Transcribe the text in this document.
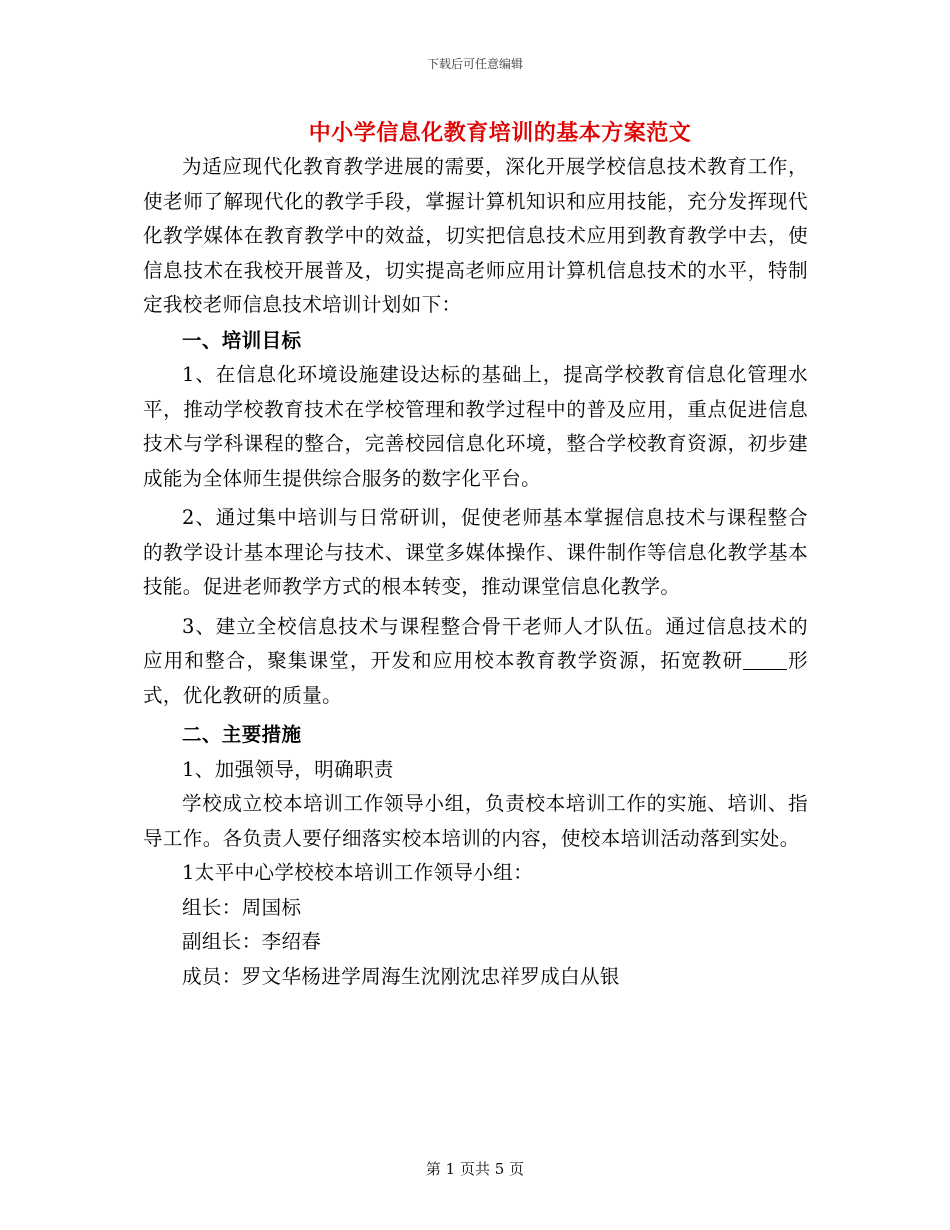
下载后可任意编辑
中小学信息化教育培训的基本方案范文

为适应现代化教育教学进展的需要，深化开展学校信息技术教育工作，使老师了解现代化的教学手段，掌握计算机知识和应用技能，充分发挥现代化教学媒体在教育教学中的效益，切实把信息技术应用到教育教学中去，使信息技术在我校开展普及，切实提高老师应用计算机信息技术的水平，特制定我校老师信息技术培训计划如下：

一、培训目标

1、在信息化环境设施建设达标的基础上，提高学校教育信息化管理水平，推动学校教育技术在学校管理和教学过程中的普及应用，重点促进信息技术与学科课程的整合，完善校园信息化环境，整合学校教育资源，初步建成能为全体师生提供综合服务的数字化平台。

2、通过集中培训与日常研训，促使老师基本掌握信息技术与课程整合的教学设计基本理论与技术、课堂多媒体操作、课件制作等信息化教学基本技能。促进老师教学方式的根本转变，推动课堂信息化教学。

3、建立全校信息技术与课程整合骨干老师人才队伍。通过信息技术的应用和整合，聚集课堂，开发和应用校本教育教学资源，拓宽教研 形式，优化教研的质量。

二、主要措施

1、加强领导，明确职责

学校成立校本培训工作领导小组，负责校本培训工作的实施、培训、指导工作。各负责人要仔细落实校本培训的内容，使校本培训活动落到实处。

1太平中心学校校本培训工作领导小组：

组长：周国标

副组长：李绍春

成员：罗文华杨进学周海生沈刚沈忠祥罗成白从银

第 1 页共 5 页
